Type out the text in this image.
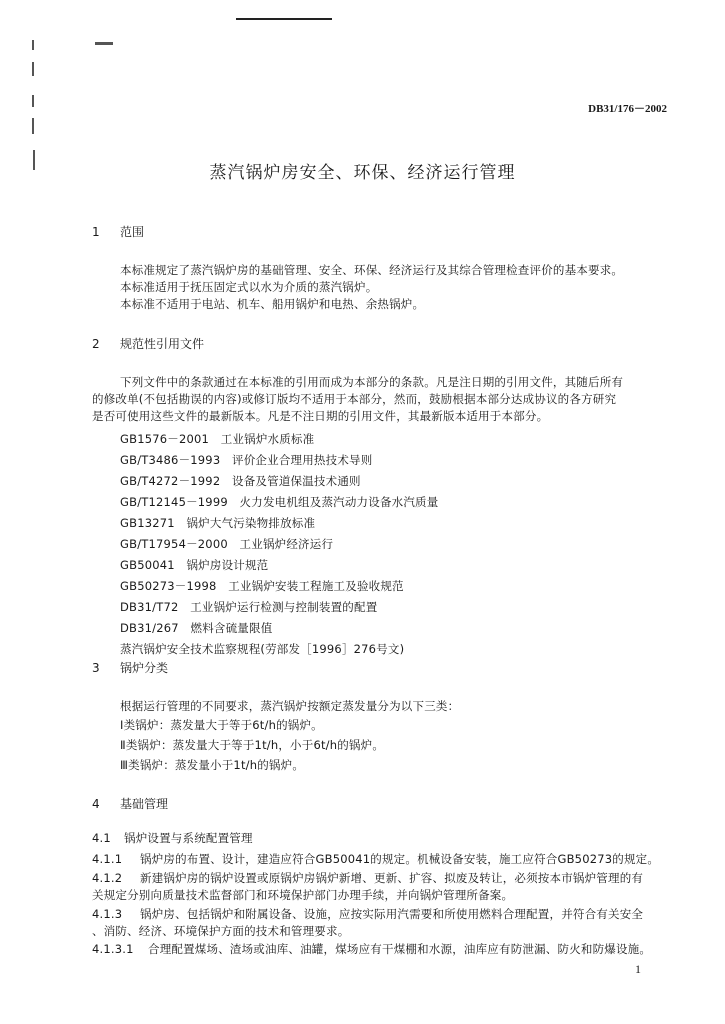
DB31/176－2002
蒸汽锅炉房安全、环保、经济运行管理
1 范围
本标准规定了蒸汽锅炉房的基础管理、安全、环保、经济运行及其综合管理检查评价的基本要求。
本标准适用于抚压固定式以水为介质的蒸汽锅炉。
本标准不适用于电站、机车、船用锅炉和电热、余热锅炉。
2 规范性引用文件
下列文件中的条款通过在本标准的引用而成为本部分的条款。凡是注日期的引用文件，其随后所有
的修改单(不包括勘误的内容)或修订版均不适用于本部分，然而，鼓励根据本部分达成协议的各方研究
是否可使用这些文件的最新版本。凡是不注日期的引用文件，其最新版本适用于本部分。
GB1576－2001　工业锅炉水质标准
GB/T3486－1993　评价企业合理用热技术导则
GB/T4272－1992　设备及管道保温技术通则
GB/T12145－1999　火力发电机组及蒸汽动力设备水汽质量
GB13271　锅炉大气污染物排放标准
GB/T17954－2000　工业锅炉经济运行
GB50041　锅炉房设计规范
GB50273－1998　工业锅炉安装工程施工及验收规范
DB31/T72　工业锅炉运行检测与控制装置的配置
DB31/267　燃料含硫量限值
蒸汽锅炉安全技术监察规程(劳部发［1996］276号文)
3 锅炉分类
根据运行管理的不同要求，蒸汽锅炉按额定蒸发量分为以下三类：
Ⅰ类锅炉：蒸发量大于等于6t/h的锅炉。
Ⅱ类锅炉：蒸发量大于等于1t/h，小于6t/h的锅炉。
Ⅲ类锅炉：蒸发量小于1t/h的锅炉。
4 基础管理
4.1 锅炉设置与系统配置管理
4.1.1 锅炉房的布置、设计，建造应符合GB50041的规定。机械设备安装，施工应符合GB50273的规定。
4.1.2 新建锅炉房的锅炉设置或原锅炉房锅炉新增、更新、扩容、拟废及转让，必须按本市锅炉管理的有
关规定分别向质量技术监督部门和环境保护部门办理手续，并向锅炉管理所备案。
4.1.3 锅炉房、包括锅炉和附属设备、设施，应按实际用汽需要和所使用燃料合理配置，并符合有关安全
、消防、经济、环境保护方面的技术和管理要求。
4.1.3.1 合理配置煤场、渣场或油库、油罐，煤场应有干煤棚和水源，油库应有防泄漏、防火和防爆设施。
1
